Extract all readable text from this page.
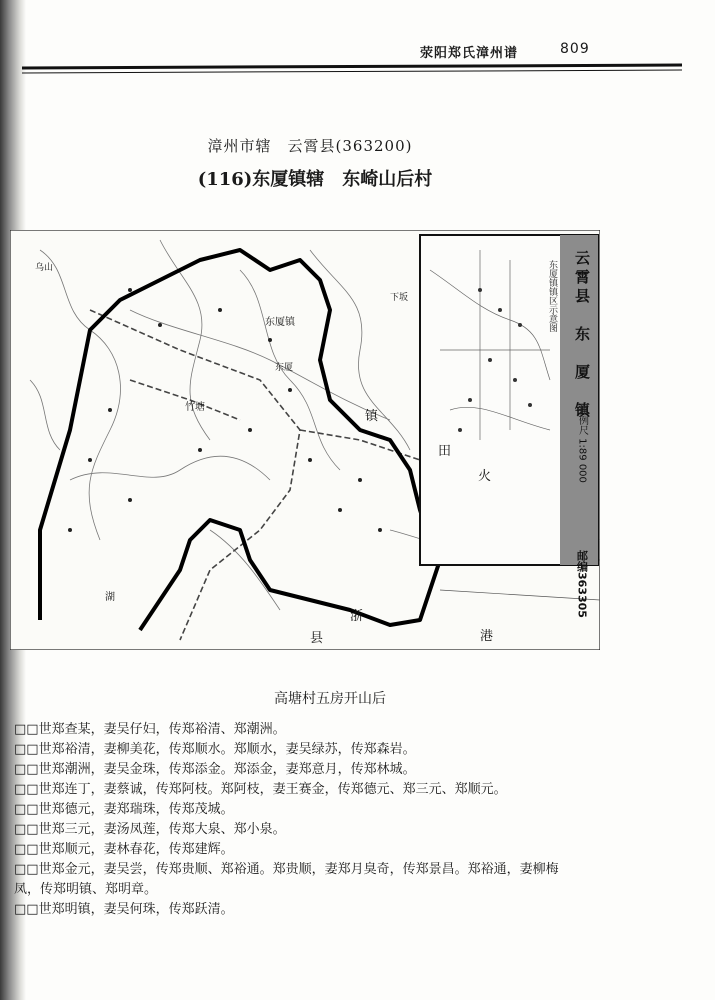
荥阳郑氏漳州谱	809
漳州市辖　云霄县(363200)
(116)东厦镇辖　东崎山后村
东厦镇
东厦
竹塘
田
火
港
县
浙
镇
乌山
湖
下坂	云霄县　东　厦　镇
东厦镇镇区示意图
比例尺 1:89 000
邮编363305
高塘村五房开山后
□□世郑查某，妻吴仔妇，传郑裕清、郑潮洲。
□□世郑裕清，妻柳美花，传郑顺水。郑顺水，妻吴绿苏，传郑森岩。
□□世郑潮洲，妻吴金珠，传郑添金。郑添金，妻郑意月，传郑林城。
□□世郑连丁，妻蔡诚，传郑阿枝。郑阿枝，妻王赛金，传郑德元、郑三元、郑顺元。
□□世郑德元，妻郑瑞珠，传郑茂城。
□□世郑三元，妻汤凤莲，传郑大泉、郑小泉。
□□世郑顺元，妻林春花，传郑建辉。
□□世郑金元，妻吴尝，传郑贵顺、郑裕通。郑贵顺，妻郑月臭奇，传郑景昌。郑裕通，妻柳梅
凤，传郑明镇、郑明章。
□□世郑明镇，妻吴何珠，传郑跃清。
